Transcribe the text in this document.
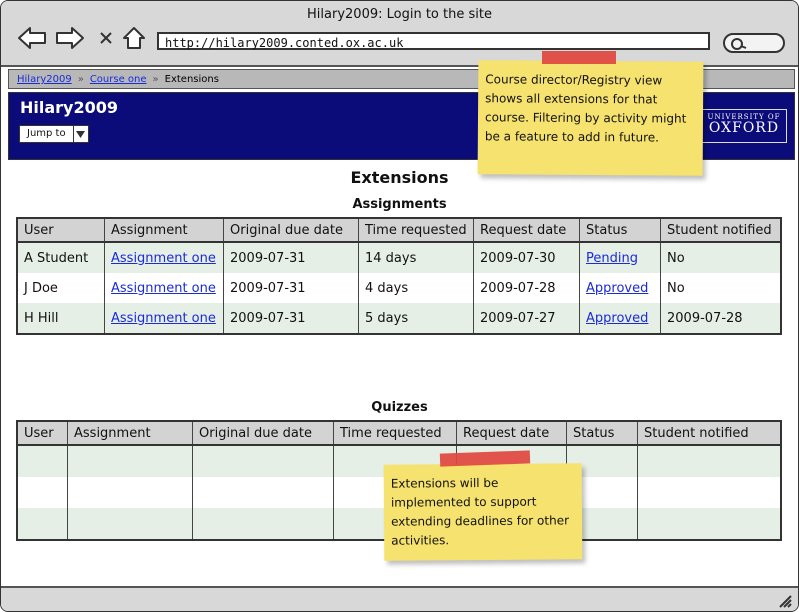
Hilary2009: Login to the site
http://hilary2009.conted.ox.ac.uk
Hilary2009 » Course one » Extensions
Hilary2009
Jump to
UNIVERSITY OF
OXFORD
Extensions
Assignments
User	Assignment	Original due date	Time requested	Request date	Status	Student notified
A Student	Assignment one	2009-07-31	14 days	2009-07-30	Pending	No
J Doe	Assignment one	2009-07-31	4 days	2009-07-28	Approved	No
H Hill	Assignment one	2009-07-31	5 days	2009-07-27	Approved	2009-07-28
Quizzes
User	Assignment	Original due date	Time requested	Request date	Status	Student notified

Course director/Registry view shows all extensions for that course. Filtering by activity might be a feature to add in future.
Extensions will be implemented to support extending deadlines for other activities.
